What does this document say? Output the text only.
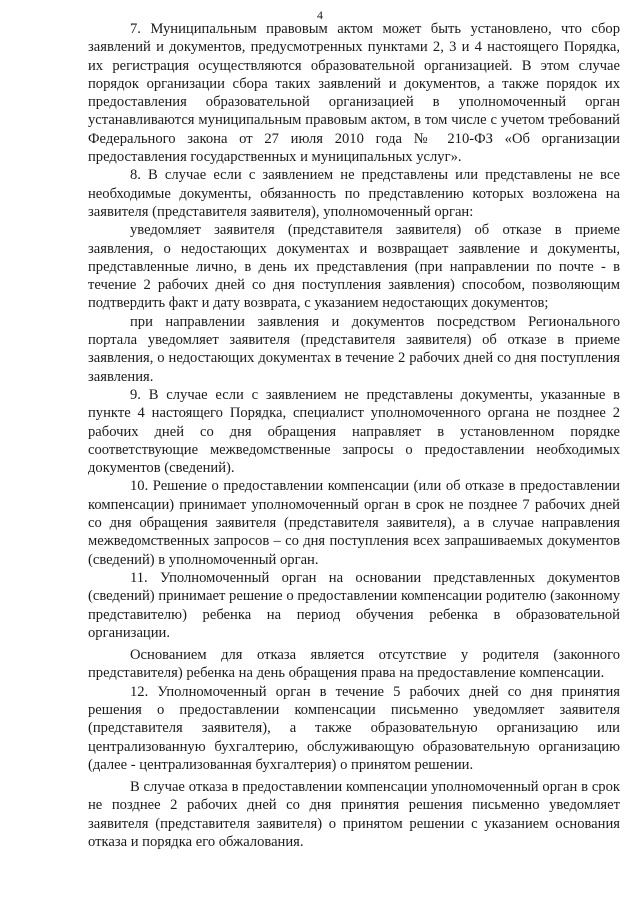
4

7. Муниципальным правовым актом может быть установлено, что сбор заявлений и документов, предусмотренных пунктами 2, 3 и 4 настоящего Порядка, их регистрация осуществляются образовательной организацией. В этом случае порядок организации сбора таких заявлений и документов, а также порядок их предоставления образовательной организацией в уполномоченный орган устанавливаются муниципальным правовым актом, в том числе с учетом требований Федерального закона от 27 июля 2010 года № 210-ФЗ «Об организации предоставления государственных и муниципальных услуг».

8. В случае если с заявлением не представлены или представлены не все необходимые документы, обязанность по представлению которых возложена на заявителя (представителя заявителя), уполномоченный орган:

уведомляет заявителя (представителя заявителя) об отказе в приеме заявления, о недостающих документах и возвращает заявление и документы, представленные лично, в день их представления (при направлении по почте - в течение 2 рабочих дней со дня поступления заявления) способом, позволяющим подтвердить факт и дату возврата, с указанием недостающих документов;

при направлении заявления и документов посредством Регионального портала уведомляет заявителя (представителя заявителя) об отказе в приеме заявления, о недостающих документах в течение 2 рабочих дней со дня поступления заявления.

9. В случае если с заявлением не представлены документы, указанные в пункте 4 настоящего Порядка, специалист уполномоченного органа не позднее 2 рабочих дней со дня обращения направляет в установленном порядке соответствующие межведомственные запросы о предоставлении необходимых документов (сведений).

10. Решение о предоставлении компенсации (или об отказе в предоставлении компенсации) принимает уполномоченный орган в срок не позднее 7 рабочих дней со дня обращения заявителя (представителя заявителя), а в случае направления межведомственных запросов – со дня поступления всех запрашиваемых документов (сведений) в уполномоченный орган.

11. Уполномоченный орган на основании представленных документов (сведений) принимает решение о предоставлении компенсации родителю (законному представителю) ребенка на период обучения ребенка в образовательной организации.

Основанием для отказа является отсутствие у родителя (законного представителя) ребенка на день обращения права на предоставление компенсации.

12. Уполномоченный орган в течение 5 рабочих дней со дня принятия решения о предоставлении компенсации письменно уведомляет заявителя (представителя заявителя), а также образовательную организацию или централизованную бухгалтерию, обслуживающую образовательную организацию (далее - централизованная бухгалтерия) о принятом решении.

В случае отказа в предоставлении компенсации уполномоченный орган в срок не позднее 2 рабочих дней со дня принятия решения письменно уведомляет заявителя (представителя заявителя) о принятом решении с указанием основания отказа и порядка его обжалования.
